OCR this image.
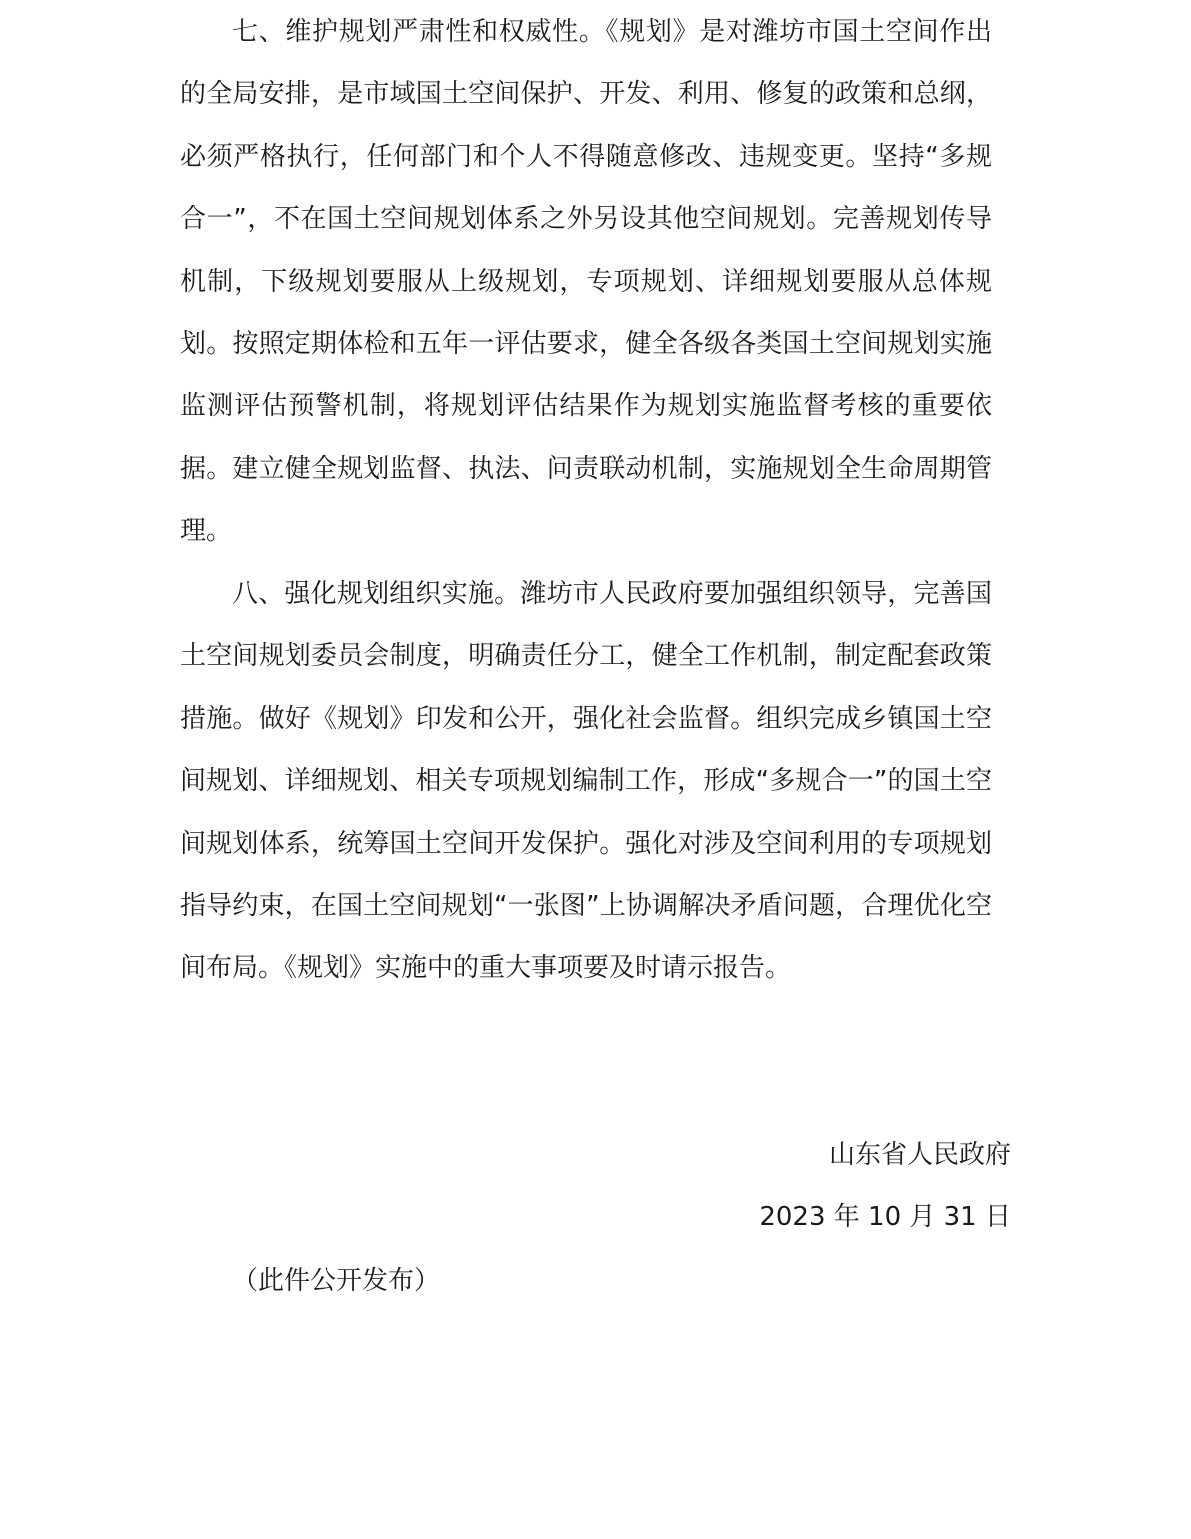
七、维护规划严肃性和权威性。《规划》是对潍坊市国土空间作出的全局安排，是市域国土空间保护、开发、利用、修复的政策和总纲，必须严格执行，任何部门和个人不得随意修改、违规变更。坚持“多规合一”，不在国土空间规划体系之外另设其他空间规划。完善规划传导机制，下级规划要服从上级规划，专项规划、详细规划要服从总体规划。按照定期体检和五年一评估要求，健全各级各类国土空间规划实施监测评估预警机制，将规划评估结果作为规划实施监督考核的重要依据。建立健全规划监督、执法、问责联动机制，实施规划全生命周期管理。

八、强化规划组织实施。潍坊市人民政府要加强组织领导，完善国土空间规划委员会制度，明确责任分工，健全工作机制，制定配套政策措施。做好《规划》印发和公开，强化社会监督。组织完成乡镇国土空间规划、详细规划、相关专项规划编制工作，形成“多规合一”的国土空间规划体系，统筹国土空间开发保护。强化对涉及空间利用的专项规划指导约束，在国土空间规划“一张图”上协调解决矛盾问题，合理优化空间布局。《规划》实施中的重大事项要及时请示报告。

山东省人民政府
2023 年 10 月 31 日
（此件公开发布）
